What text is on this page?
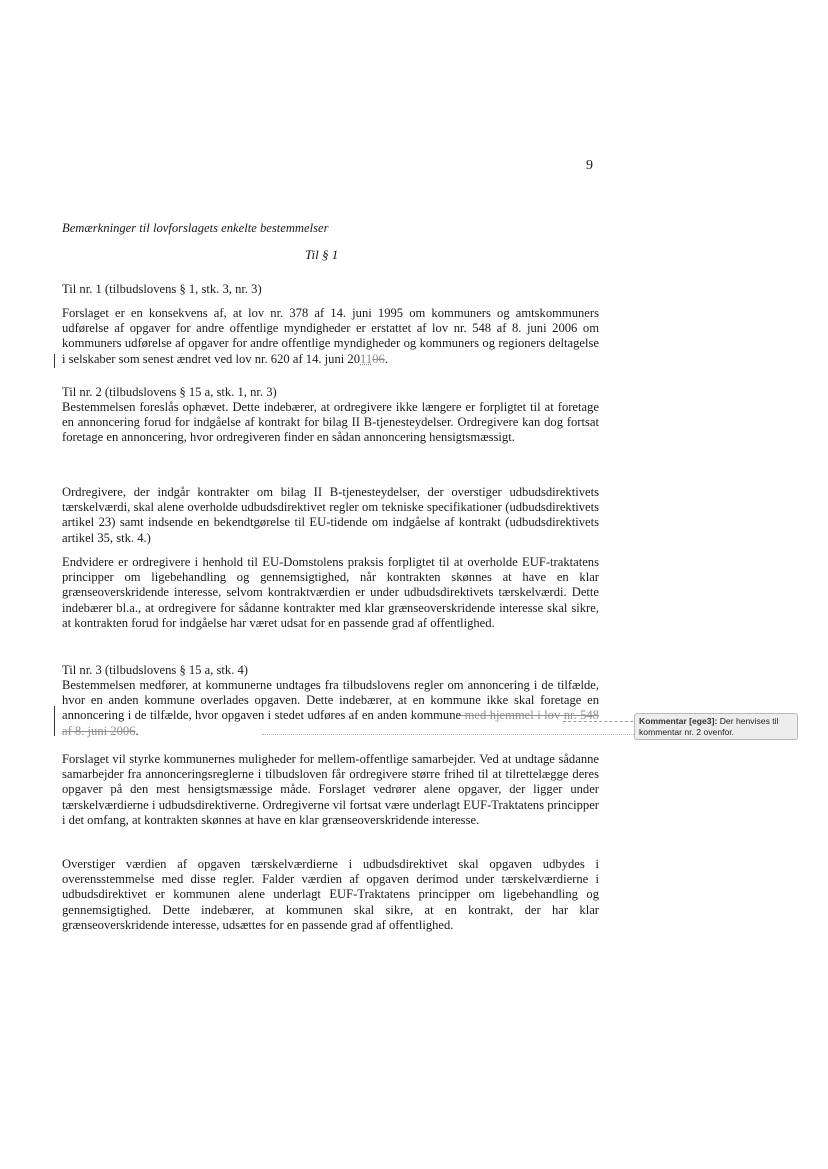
9
Bemærkninger til lovforslagets enkelte bestemmelser
Til § 1
Til nr. 1 (tilbudslovens § 1, stk. 3, nr. 3)
Forslaget er en konsekvens af, at lov nr. 378 af 14. juni 1995 om kommuners og amtskommuners udførelse af opgaver for andre offentlige myndigheder er erstattet af lov nr. 548 af 8. juni 2006 om kommuners udførelse af opgaver for andre offentlige myndigheder og kommuners og regioners deltagelse i selskaber som senest ændret ved lov nr. 620 af 14. juni 201106.
Til nr. 2 (tilbudslovens § 15 a, stk. 1, nr. 3)
Bestemmelsen foreslås ophævet. Dette indebærer, at ordregivere ikke længere er forpligtet til at foretage en annoncering forud for indgåelse af kontrakt for bilag II B-tjenesteydelser. Ordregivere kan dog fortsat foretage en annoncering, hvor ordregiveren finder en sådan annoncering hensigtsmæssigt.
Ordregivere, der indgår kontrakter om bilag II B-tjenesteydelser, der overstiger udbudsdirektivets tærskelværdi, skal alene overholde udbudsdirektivet regler om tekniske specifikationer (udbudsdirektivets artikel 23) samt indsende en bekendtgørelse til EU-tidende om indgåelse af kontrakt (udbudsdirektivets artikel 35, stk. 4.)
Endvidere er ordregivere i henhold til EU-Domstolens praksis forpligtet til at overholde EUF-traktatens principper om ligebehandling og gennemsigtighed, når kontrakten skønnes at have en klar grænseoverskridende interesse, selvom kontraktværdien er under udbudsdirektivets tærskelværdi. Dette indebærer bl.a., at ordregivere for sådanne kontrakter med klar grænseoverskridende interesse skal sikre, at kontrakten forud for indgåelse har været udsat for en passende grad af offentlighed.
Til nr. 3 (tilbudslovens § 15 a, stk. 4)
Bestemmelsen medfører, at kommunerne undtages fra tilbudslovens regler om annoncering i de tilfælde, hvor en anden kommune overlades opgaven. Dette indebærer, at en kommune ikke skal foretage en annoncering i de tilfælde, hvor opgaven i stedet udføres af en anden kommune med hjemmel i lov nr. 548 af 8. juni 2006.
Forslaget vil styrke kommunernes muligheder for mellem-offentlige samarbejder. Ved at undtage sådanne samarbejder fra annonceringsreglerne i tilbudsloven får ordregivere større frihed til at tilrettelægge deres opgaver på den mest hensigtsmæssige måde. Forslaget vedrører alene opgaver, der ligger under tærskelværdierne i udbudsdirektiverne. Ordregiverne vil fortsat være underlagt EUF-Traktatens principper i det omfang, at kontrakten skønnes at have en klar grænseoverskridende interesse.
Overstiger værdien af opgaven tærskelværdierne i udbudsdirektivet skal opgaven udbydes i overensstemmelse med disse regler. Falder værdien af opgaven derimod under tærskelværdierne i udbudsdirektivet er kommunen alene underlagt EUF-Traktatens principper om ligebehandling og gennemsigtighed. Dette indebærer, at kommunen skal sikre, at en kontrakt, der har klar grænseoverskridende interesse, udsættes for en passende grad af offentlighed.
Kommentar [ege3]: Der henvises til kommentar nr. 2 ovenfor.
